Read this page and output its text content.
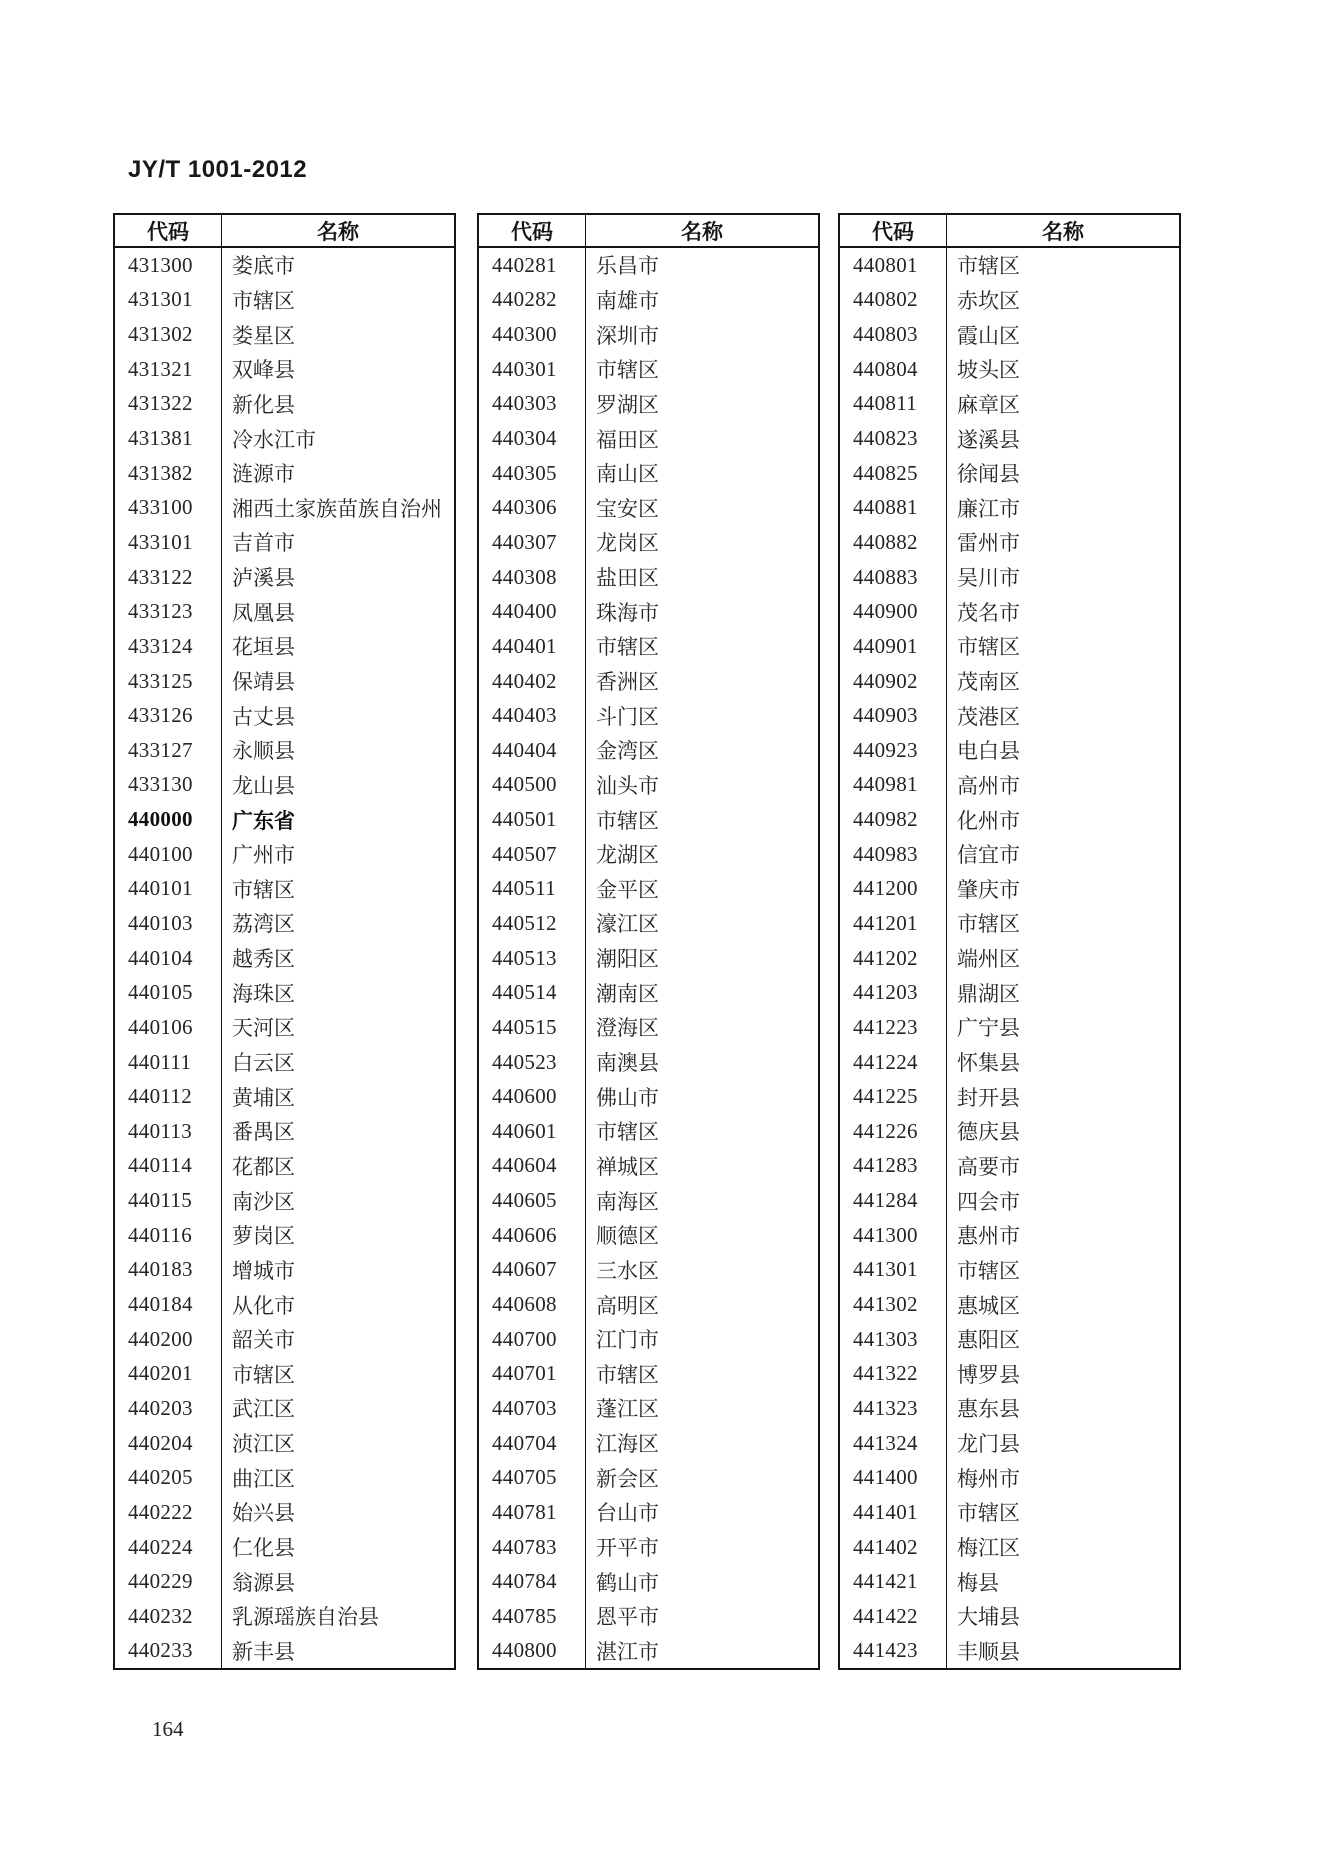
JY/T 1001-2012
代码	名称
431300	娄底市
431301	市辖区
431302	娄星区
431321	双峰县
431322	新化县
431381	冷水江市
431382	涟源市
433100	湘西土家族苗族自治州
433101	吉首市
433122	泸溪县
433123	凤凰县
433124	花垣县
433125	保靖县
433126	古丈县
433127	永顺县
433130	龙山县
440000	广东省
440100	广州市
440101	市辖区
440103	荔湾区
440104	越秀区
440105	海珠区
440106	天河区
440111	白云区
440112	黄埔区
440113	番禺区
440114	花都区
440115	南沙区
440116	萝岗区
440183	增城市
440184	从化市
440200	韶关市
440201	市辖区
440203	武江区
440204	浈江区
440205	曲江区
440222	始兴县
440224	仁化县
440229	翁源县
440232	乳源瑶族自治县
440233	新丰县
代码	名称
440281	乐昌市
440282	南雄市
440300	深圳市
440301	市辖区
440303	罗湖区
440304	福田区
440305	南山区
440306	宝安区
440307	龙岗区
440308	盐田区
440400	珠海市
440401	市辖区
440402	香洲区
440403	斗门区
440404	金湾区
440500	汕头市
440501	市辖区
440507	龙湖区
440511	金平区
440512	濠江区
440513	潮阳区
440514	潮南区
440515	澄海区
440523	南澳县
440600	佛山市
440601	市辖区
440604	禅城区
440605	南海区
440606	顺德区
440607	三水区
440608	高明区
440700	江门市
440701	市辖区
440703	蓬江区
440704	江海区
440705	新会区
440781	台山市
440783	开平市
440784	鹤山市
440785	恩平市
440800	湛江市
代码	名称
440801	市辖区
440802	赤坎区
440803	霞山区
440804	坡头区
440811	麻章区
440823	遂溪县
440825	徐闻县
440881	廉江市
440882	雷州市
440883	吴川市
440900	茂名市
440901	市辖区
440902	茂南区
440903	茂港区
440923	电白县
440981	高州市
440982	化州市
440983	信宜市
441200	肇庆市
441201	市辖区
441202	端州区
441203	鼎湖区
441223	广宁县
441224	怀集县
441225	封开县
441226	德庆县
441283	高要市
441284	四会市
441300	惠州市
441301	市辖区
441302	惠城区
441303	惠阳区
441322	博罗县
441323	惠东县
441324	龙门县
441400	梅州市
441401	市辖区
441402	梅江区
441421	梅县
441422	大埔县
441423	丰顺县
164
